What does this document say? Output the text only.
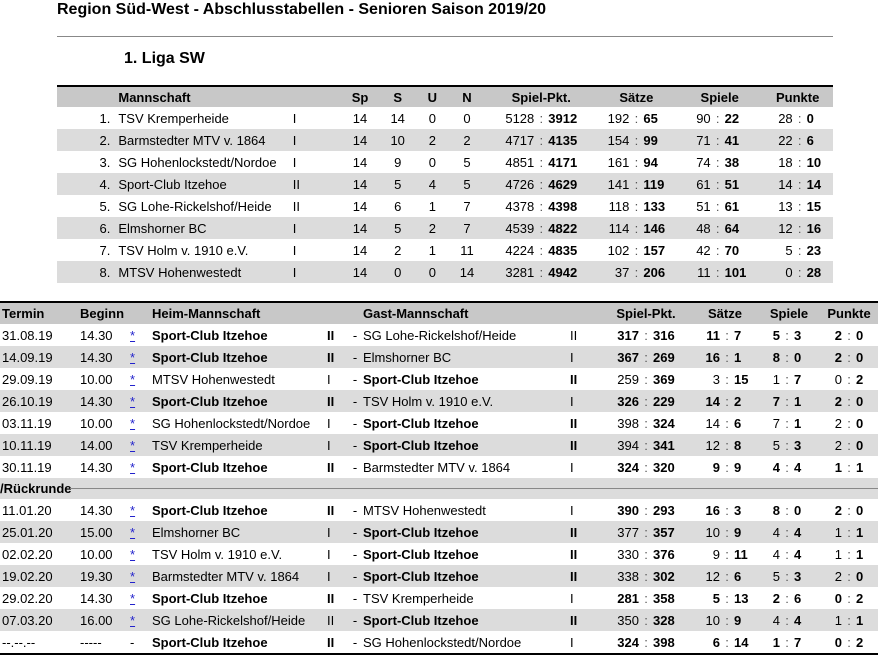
Region Süd-West - Abschlusstabellen - Senioren Saison 2019/20
1. Liga SW
	Mannschaft		Sp	S	U	N	Spiel-Pkt.	Sätze	Spiele	Punkte
1.	TSV Kremperheide	I	14	14	0	0	5128 : 3912	192 : 65	90 : 22	28 : 0
2.	Barmstedter MTV v. 1864	I	14	10	2	2	4717 : 4135	154 : 99	71 : 41	22 : 6
3.	SG Hohenlockstedt/Nordoe	I	14	9	0	5	4851 : 4171	161 : 94	74 : 38	18 : 10
4.	Sport-Club Itzehoe	II	14	5	4	5	4726 : 4629	141 : 119	61 : 51	14 : 14
5.	SG Lohe-Rickelshof/Heide	II	14	6	1	7	4378 : 4398	118 : 133	51 : 61	13 : 15
6.	Elmshorner BC	I	14	5	2	7	4539 : 4822	114 : 146	48 : 64	12 : 16
7.	TSV Holm v. 1910 e.V.	I	14	2	1	11	4224 : 4835	102 : 157	42 : 70	5 : 23
8.	MTSV Hohenwestedt	I	14	0	0	14	3281 : 4942	37 : 206	11 : 101	0 : 28
Termin	Beginn		Heim-Mannschaft			Gast-Mannschaft		Spiel-Pkt.	Sätze	Spiele	Punkte
31.08.19	14.30	*	Sport-Club Itzehoe	II	-	SG Lohe-Rickelshof/Heide	II	317 : 316	11 : 7	5 : 3	2 : 0
14.09.19	14.30	*	Sport-Club Itzehoe	II	-	Elmshorner BC	I	367 : 269	16 : 1	8 : 0	2 : 0
29.09.19	10.00	*	MTSV Hohenwestedt	I	-	Sport-Club Itzehoe	II	259 : 369	3 : 15	1 : 7	0 : 2
26.10.19	14.30	*	Sport-Club Itzehoe	II	-	TSV Holm v. 1910 e.V.	I	326 : 229	14 : 2	7 : 1	2 : 0
03.11.19	10.00	*	SG Hohenlockstedt/Nordoe	I	-	Sport-Club Itzehoe	II	398 : 324	14 : 6	7 : 1	2 : 0
10.11.19	14.00	*	TSV Kremperheide	I	-	Sport-Club Itzehoe	II	394 : 341	12 : 8	5 : 3	2 : 0
30.11.19	14.30	*	Sport-Club Itzehoe	II	-	Barmstedter MTV v. 1864	I	324 : 320	9 : 9	4 : 4	1 : 1
/Rückrunde											

11.01.20	14.30	*	Sport-Club Itzehoe	II	-	MTSV Hohenwestedt	I	390 : 293	16 : 3	8 : 0	2 : 0
25.01.20	15.00	*	Elmshorner BC	I	-	Sport-Club Itzehoe	II	377 : 357	10 : 9	4 : 4	1 : 1
02.02.20	10.00	*	TSV Holm v. 1910 e.V.	I	-	Sport-Club Itzehoe	II	330 : 376	9 : 11	4 : 4	1 : 1
19.02.20	19.30	*	Barmstedter MTV v. 1864	I	-	Sport-Club Itzehoe	II	338 : 302	12 : 6	5 : 3	2 : 0
29.02.20	14.30	*	Sport-Club Itzehoe	II	-	TSV Kremperheide	I	281 : 358	5 : 13	2 : 6	0 : 2
07.03.20	16.00	*	SG Lohe-Rickelshof/Heide	II	-	Sport-Club Itzehoe	II	350 : 328	10 : 9	4 : 4	1 : 1
--.--.--	-----	-	Sport-Club Itzehoe	II	-	SG Hohenlockstedt/Nordoe	I	324 : 398	6 : 14	1 : 7	0 : 2
